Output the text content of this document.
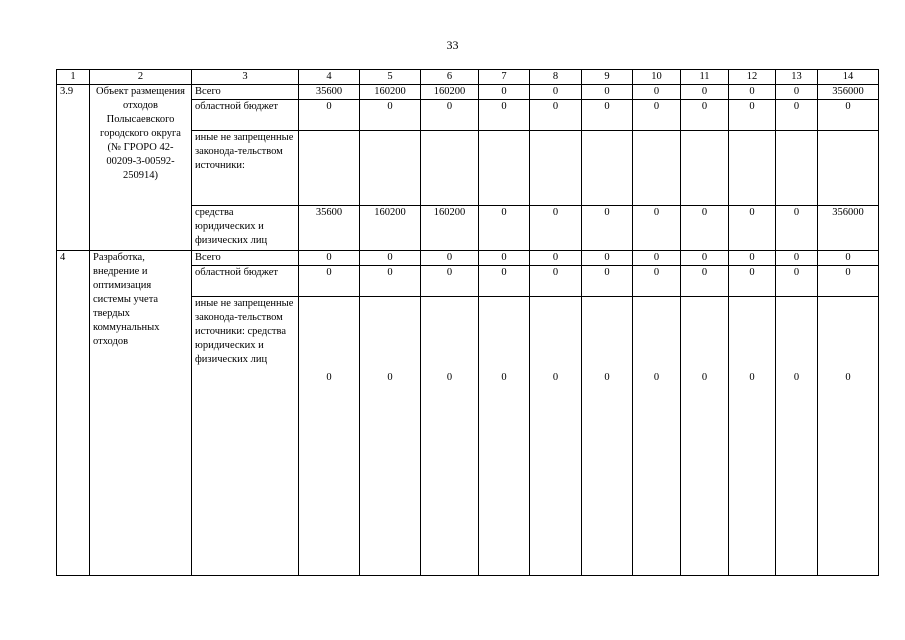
33
1	2	3	4	5	6	7	8	9	10	11	12	13	14
3.9	Объект размещения отходов Полысаевского городского округа (№ ГРОРО 42-00209-3-00592-250914)	Всего	35600	160200	160200	0	0	0	0	0	0	0	356000
		областной бюджет	0	0	0	0	0	0	0	0	0	0	0
		иные не запрещенные законода-тельством источники:											
		средства юридических и физических лиц	35600	160200	160200	0	0	0	0	0	0	0	356000
4	Разработка, внедрение и оптимизация системы учета твердых коммунальных отходов	Всего	0	0	0	0	0	0	0	0	0	0	0
		областной бюджет	0	0	0	0	0	0	0	0	0	0	0
		иные не запрещенные законода-тельством источники: средства юридических и физических лиц	0	0	0	0	0	0	0	0	0	0	0
